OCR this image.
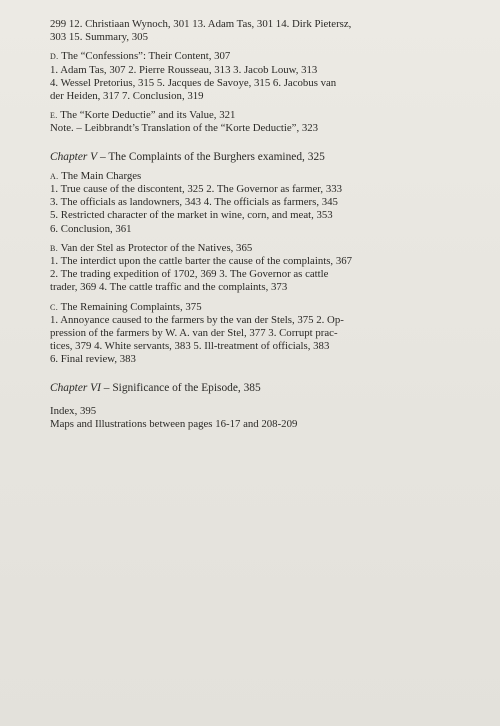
299 12. Christiaan Wynoch, 301 13. Adam Tas, 301 14. Dirk Pietersz,
303 15. Summary, 305
D. The “Confessions”: Their Content, 307
1. Adam Tas, 307 2. Pierre Rousseau, 313 3. Jacob Louw, 313
4. Wessel Pretorius, 315 5. Jacques de Savoye, 315 6. Jacobus van
der Heiden, 317 7. Conclusion, 319
E. The “Korte Deductie” and its Value, 321
Note. – Leibbrandt’s Translation of the “Korte Deductie”, 323
Chapter V – The Complaints of the Burghers examined, 325
A. The Main Charges
1. True cause of the discontent, 325 2. The Governor as farmer, 333
3. The officials as landowners, 343 4. The officials as farmers, 345
5. Restricted character of the market in wine, corn, and meat, 353
6. Conclusion, 361
B. Van der Stel as Protector of the Natives, 365
1. The interdict upon the cattle barter the cause of the complaints, 367
2. The trading expedition of 1702, 369 3. The Governor as cattle
trader, 369 4. The cattle traffic and the complaints, 373
C. The Remaining Complaints, 375
1. Annoyance caused to the farmers by the van der Stels, 375 2. Op-
pression of the farmers by W. A. van der Stel, 377 3. Corrupt prac-
tices, 379 4. White servants, 383 5. Ill-treatment of officials, 383
6. Final review, 383
Chapter VI – Significance of the Episode, 385
Index, 395
Maps and Illustrations between pages 16-17 and 208-209
